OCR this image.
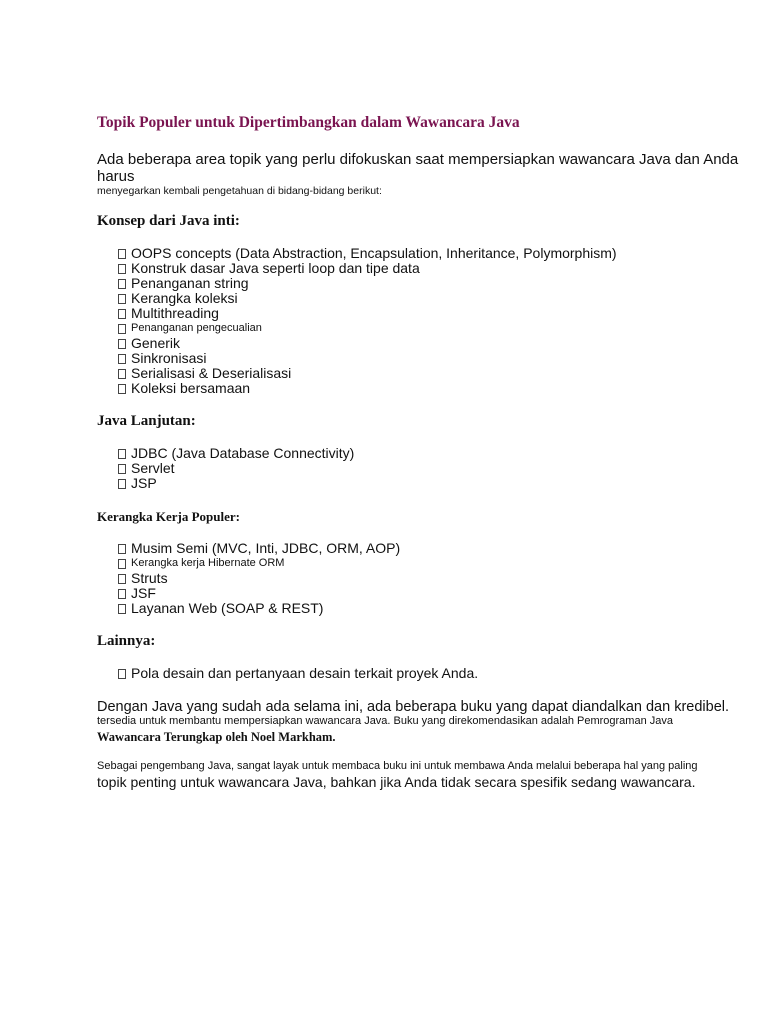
Topik Populer untuk Dipertimbangkan dalam Wawancara Java

Ada beberapa area topik yang perlu difokuskan saat mempersiapkan wawancara Java dan Anda harus

menyegarkan kembali pengetahuan di bidang-bidang berikut:

Konsep dari Java inti:
OOPS concepts (Data Abstraction, Encapsulation, Inheritance, Polymorphism)
Konstruk dasar Java seperti loop dan tipe data
Penanganan string
Kerangka koleksi
Multithreading
Penanganan pengecualian
Generik
Sinkronisasi
Serialisasi & Deserialisasi
Koleksi bersamaan
Java Lanjutan:
JDBC (Java Database Connectivity)
Servlet
JSP
Kerangka Kerja Populer:
Musim Semi (MVC, Inti, JDBC, ORM, AOP)
Kerangka kerja Hibernate ORM
Struts
JSF
Layanan Web (SOAP & REST)
Lainnya:
Pola desain dan pertanyaan desain terkait proyek Anda.

Dengan Java yang sudah ada selama ini, ada beberapa buku yang dapat diandalkan dan kredibel.

tersedia untuk membantu mempersiapkan wawancara Java. Buku yang direkomendasikan adalah Pemrograman Java

Wawancara Terungkap oleh Noel Markham.

Sebagai pengembang Java, sangat layak untuk membaca buku ini untuk membawa Anda melalui beberapa hal yang paling

topik penting untuk wawancara Java, bahkan jika Anda tidak secara spesifik sedang wawancara.
